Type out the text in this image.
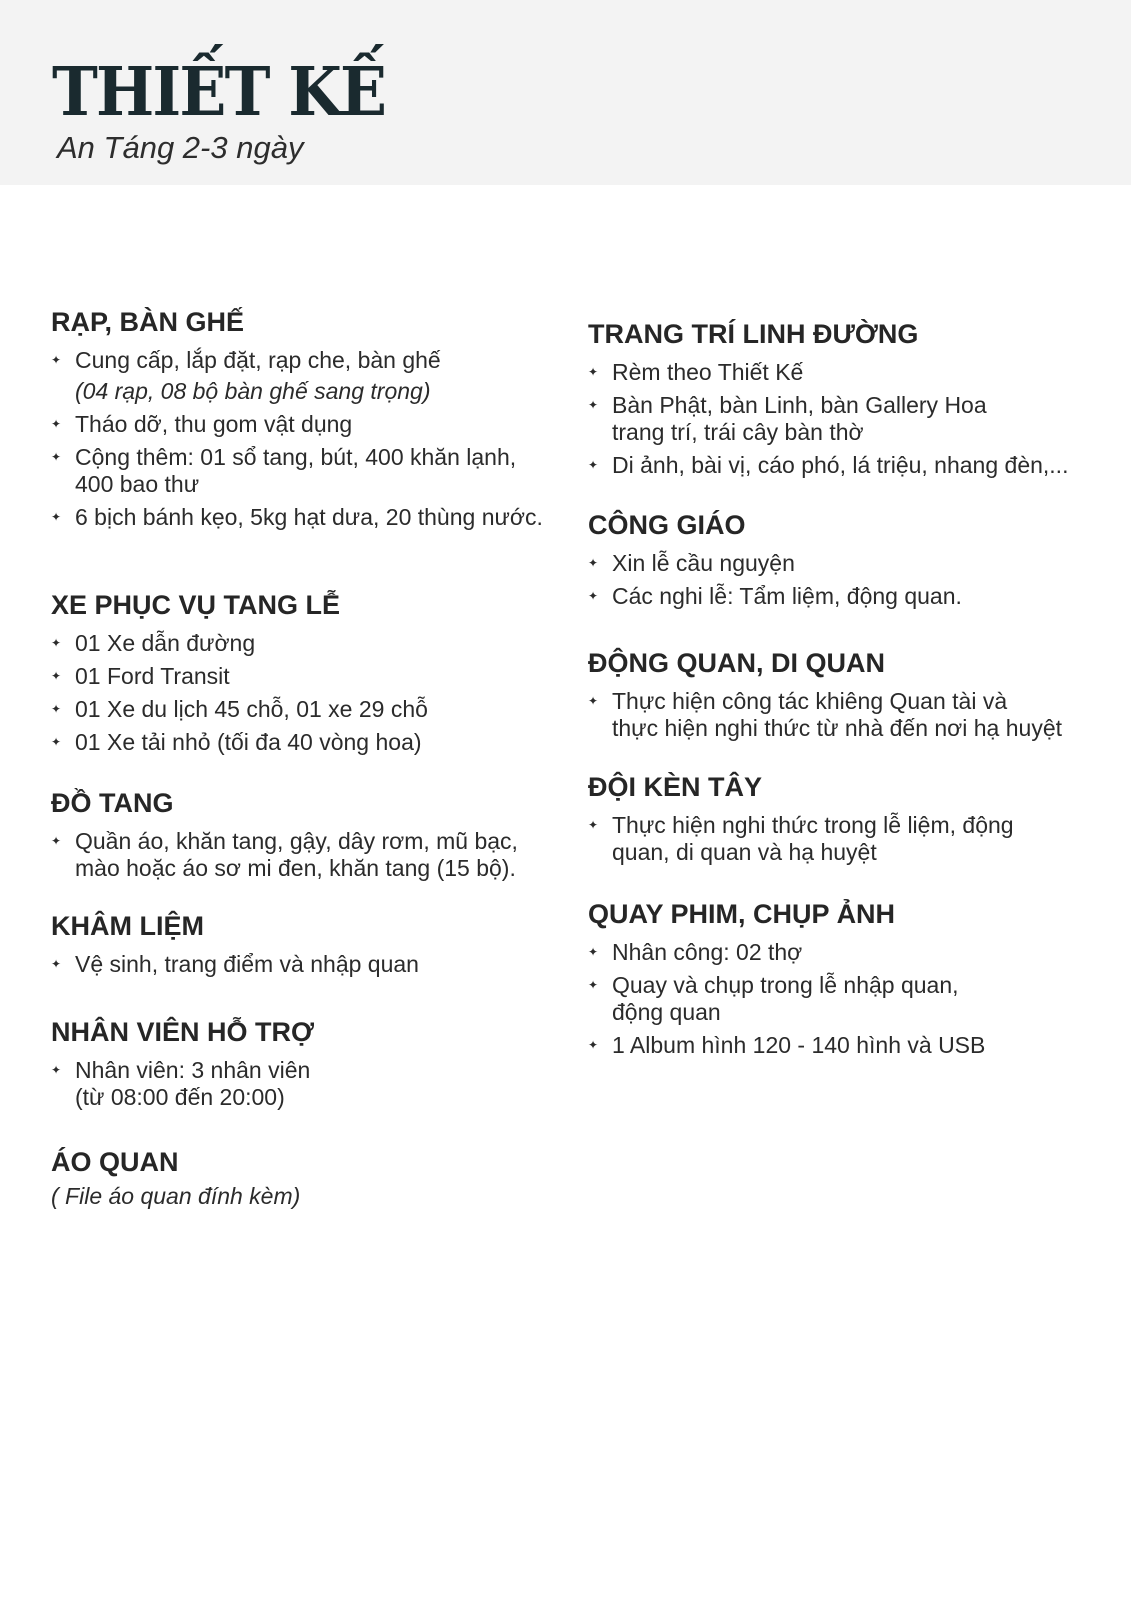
THIẾT KẾ
An Táng 2-3 ngày
RẠP, BÀN GHẾ
✦ Cung cấp, lắp đặt, rạp che, bàn ghế
(04 rạp, 08 bộ bàn ghế sang trọng)
✦ Tháo dỡ, thu gom vật dụng
✦ Cộng thêm: 01 sổ tang, bút, 400 khăn lạnh,
400 bao thư
✦ 6 bịch bánh kẹo, 5kg hạt dưa, 20 thùng nước.
XE PHỤC VỤ TANG LỄ
✦ 01 Xe dẫn đường
✦ 01 Ford Transit
✦ 01 Xe du lịch 45 chỗ, 01 xe 29 chỗ
✦ 01 Xe tải nhỏ (tối đa 40 vòng hoa)
ĐỒ TANG
✦ Quần áo, khăn tang, gậy, dây rơm, mũ bạc,
mào hoặc áo sơ mi đen, khăn tang (15 bộ).
KHÂM LIỆM
✦ Vệ sinh, trang điểm và nhập quan
NHÂN VIÊN HỖ TRỢ
✦ Nhân viên: 3 nhân viên
(từ 08:00 đến 20:00)
ÁO QUAN

( File áo quan đính kèm)

TRANG TRÍ LINH ĐƯỜNG
✦ Rèm theo Thiết Kế
✦ Bàn Phật, bàn Linh, bàn Gallery Hoa
trang trí, trái cây bàn thờ
✦ Di ảnh, bài vị, cáo phó, lá triệu, nhang đèn,...
CÔNG GIÁO
✦ Xin lễ cầu nguyện
✦ Các nghi lễ: Tẩm liệm, động quan.
ĐỘNG QUAN, DI QUAN
✦ Thực hiện công tác khiêng Quan tài và
thực hiện nghi thức từ nhà đến nơi hạ huyệt
ĐỘI KÈN TÂY
✦ Thực hiện nghi thức trong lễ liệm, động
quan, di quan và hạ huyệt
QUAY PHIM, CHỤP ẢNH
✦ Nhân công: 02 thợ
✦ Quay và chụp trong lễ nhập quan,
động quan
✦ 1 Album hình 120 - 140 hình và USB
